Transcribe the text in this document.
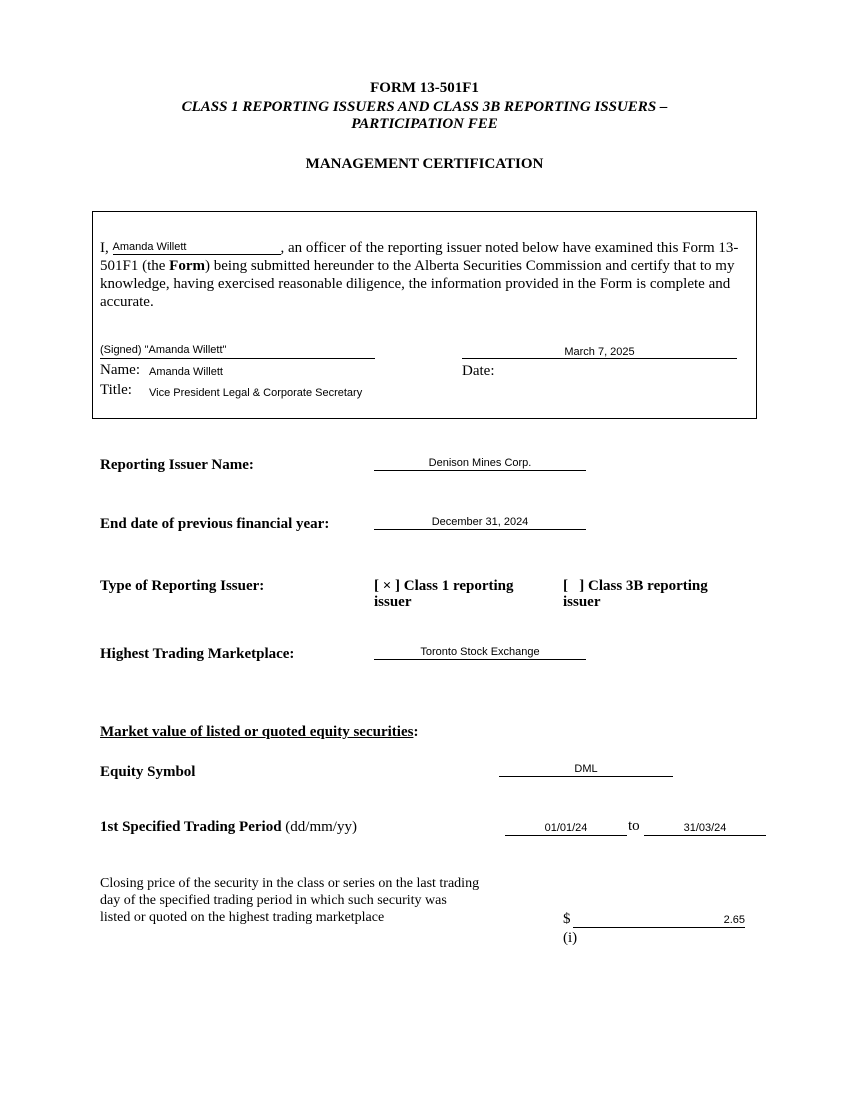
FORM 13-501F1
CLASS 1 REPORTING ISSUERS AND CLASS 3B REPORTING ISSUERS – PARTICIPATION FEE
MANAGEMENT CERTIFICATION
I, Amanda Willett	, an officer of the reporting issuer noted below have examined this Form 13-501F1 (the Form) being submitted hereunder to the Alberta Securities Commission and certify that to my knowledge, having exercised reasonable diligence, the information provided in the Form is complete and accurate.
(Signed) "Amanda Willett"
Name: Amanda Willett
Title: Vice President Legal & Corporate Secretary
March 7, 2025
Date:
Reporting Issuer Name:	Denison Mines Corp.
End date of previous financial year:	December 31, 2024
Type of Reporting Issuer:	[ × ] Class 1 reporting issuer
[   ] Class 3B reporting issuer
Highest Trading Marketplace:	Toronto Stock Exchange
Market value of listed or quoted equity securities:
Equity Symbol	DML
1st Specified Trading Period (dd/mm/yy)	01/01/24	to	31/03/24
Closing price of the security in the class or series on the last trading day of the specified trading period in which such security was listed or quoted on the highest trading marketplace	$	2.65
(i)
